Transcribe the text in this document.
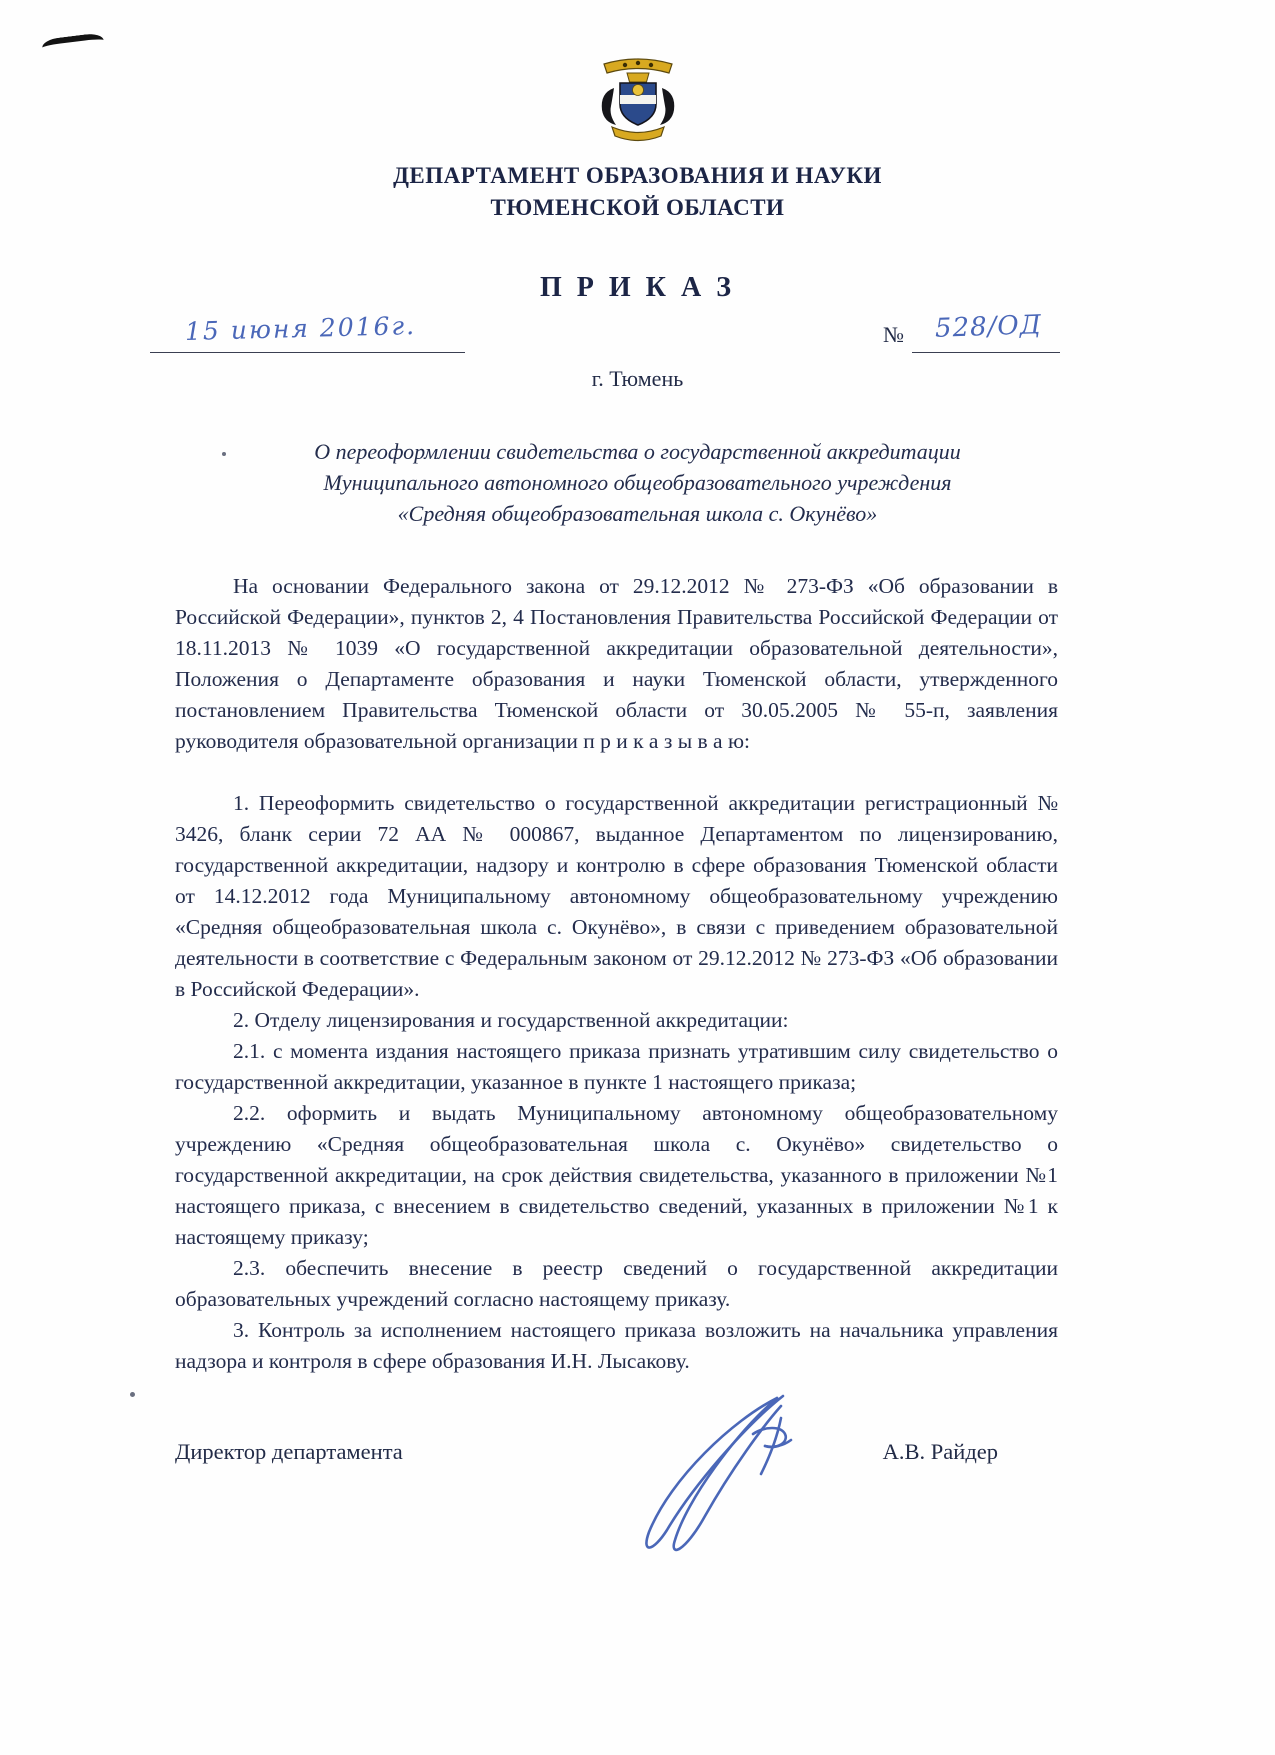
ДЕПАРТАМЕНТ ОБРАЗОВАНИЯ И НАУКИ
ТЮМЕНСКОЙ ОБЛАСТИ
П Р И К А З
15 июня 2016г.	№ 528/ОД
г. Тюмень
О переоформлении свидетельства о государственной аккредитации
Муниципального автономного общеобразовательного учреждения
«Средняя общеобразовательная школа с. Окунёво»

На основании Федерального закона от 29.12.2012 № 273-ФЗ «Об образовании в Российской Федерации», пунктов 2, 4 Постановления Правительства Российской Федерации от 18.11.2013 № 1039 «О государственной аккредитации образовательной деятельности», Положения о Департаменте образования и науки Тюменской области, утвержденного постановлением Правительства Тюменской области от 30.05.2005 № 55-п, заявления руководителя образовательной организации п р и к а з ы в а ю:

1. Переоформить свидетельство о государственной аккредитации регистрационный № 3426, бланк серии 72 АА № 000867, выданное Департаментом по лицензированию, государственной аккредитации, надзору и контролю в сфере образования Тюменской области от 14.12.2012 года Муниципальному автономному общеобразовательному учреждению «Средняя общеобразовательная школа с. Окунёво», в связи с приведением образовательной деятельности в соответствие с Федеральным законом от 29.12.2012 № 273-ФЗ «Об образовании в Российской Федерации».

2. Отделу лицензирования и государственной аккредитации:

2.1. с момента издания настоящего приказа признать утратившим силу свидетельство о государственной аккредитации, указанное в пункте 1 настоящего приказа;

2.2. оформить и выдать Муниципальному автономному общеобразовательному учреждению «Средняя общеобразовательная школа с. Окунёво» свидетельство о государственной аккредитации, на срок действия свидетельства, указанного в приложении №1 настоящего приказа, с внесением в свидетельство сведений, указанных в приложении №1 к настоящему приказу;

2.3. обеспечить внесение в реестр сведений о государственной аккредитации образовательных учреждений согласно настоящему приказу.

3. Контроль за исполнением настоящего приказа возложить на начальника управления надзора и контроля в сфере образования И.Н. Лысакову.

Директор департамента	А.В. Райдер
